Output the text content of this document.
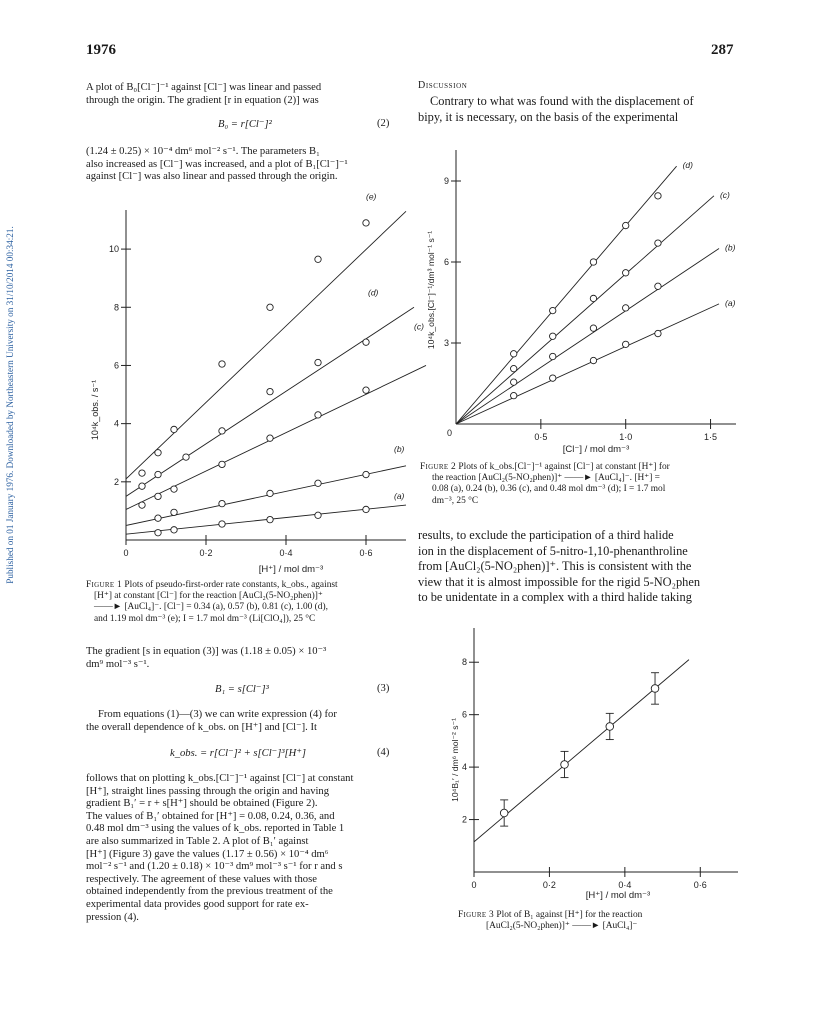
Published on 01 January 1976. Downloaded by Northeastern University on 31/10/2014 00:34:21.
1976	287
A plot of B₀[Cl⁻]⁻¹ against [Cl⁻] was linear and passed
through the origin. The gradient [r in equation (2)] was
B₀ = r[Cl⁻]²	(2)
(1.24 ± 0.25) × 10⁻⁴ dm⁶ mol⁻² s⁻¹. The parameters B₁
also increased as [Cl⁻] was increased, and a plot of B₁[Cl⁻]⁻¹
against [Cl⁻] was also linear and passed through the origin.
2
4
6
8
10
0	0·2	0·4	0·6
(a)
(b)
(c)
(d)
(e)
10⁴k_obs. / s⁻¹
[H⁺] / mol dm⁻³
Figure 1 Plots of pseudo-first-order rate constants, k_obs., against
[H⁺] at constant [Cl⁻] for the reaction [AuCl₂(5-NO₂phen)]⁺
——► [AuCl₄]⁻. [Cl⁻] = 0.34 (a), 0.57 (b), 0.81 (c), 1.00 (d),
and 1.19 mol dm⁻³ (e); I = 1.7 mol dm⁻³ (Li[ClO₄]), 25 °C
The gradient [s in equation (3)] was (1.18 ± 0.05) × 10⁻³
dm⁹ mol⁻³ s⁻¹.
B₁ = s[Cl⁻]³	(3)
From equations (1)—(3) we can write expression (4) for
the overall dependence of k_obs. on [H⁺] and [Cl⁻]. It
k_obs. = r[Cl⁻]² + s[Cl⁻]³[H⁺]	(4)
follows that on plotting k_obs.[Cl⁻]⁻¹ against [Cl⁻] at constant
[H⁺], straight lines passing through the origin and having
gradient B₁′ = r + s[H⁺] should be obtained (Figure 2).
The values of B₁′ obtained for [H⁺] = 0.08, 0.24, 0.36, and
0.48 mol dm⁻³ using the values of k_obs. reported in Table 1
are also summarized in Table 2. A plot of B₁′ against
[H⁺] (Figure 3) gave the values (1.17 ± 0.56) × 10⁻⁴ dm⁶
mol⁻² s⁻¹ and (1.20 ± 0.18) × 10⁻³ dm⁹ mol⁻³ s⁻¹ for r and s
respectively. The agreement of these values with those
obtained independently from the previous treatment of the
experimental data provides good support for rate ex-
pression (4).
Discussion
Contrary to what was found with the displacement of
bipy, it is necessary, on the basis of the experimental
3
6
9
0·5	1·0	1·5
(a)
(b)
(c)
(d)
0
10⁴k_obs.[Cl⁻]⁻¹/dm³ mol⁻¹ s⁻¹
[Cl⁻] / mol dm⁻³
Figure 2 Plots of k_obs.[Cl⁻]⁻¹ against [Cl⁻] at constant [H⁺] for
the reaction [AuCl₂(5-NO₂phen)]⁺ ——► [AuCl₄]⁻. [H⁺] =
0.08 (a), 0.24 (b), 0.36 (c), and 0.48 mol dm⁻³ (d); I = 1.7 mol
dm⁻³, 25 °C
results, to exclude the participation of a third halide
ion in the displacement of 5-nitro-1,10-phenanthroline
from [AuCl₂(5-NO₂phen)]⁺. This is consistent with the
view that it is almost impossible for the rigid 5-NO₂phen
to be unidentate in a complex with a third halide taking
2
4
6
8
0	0·2	0·4	0·6
10⁴B₁′ / dm⁶ mol⁻² s⁻¹
[H⁺] / mol dm⁻³
Figure 3 Plot of B₁ against [H⁺] for the reaction
[AuCl₂(5-NO₂phen)]⁺ ——► [AuCl₄]⁻
